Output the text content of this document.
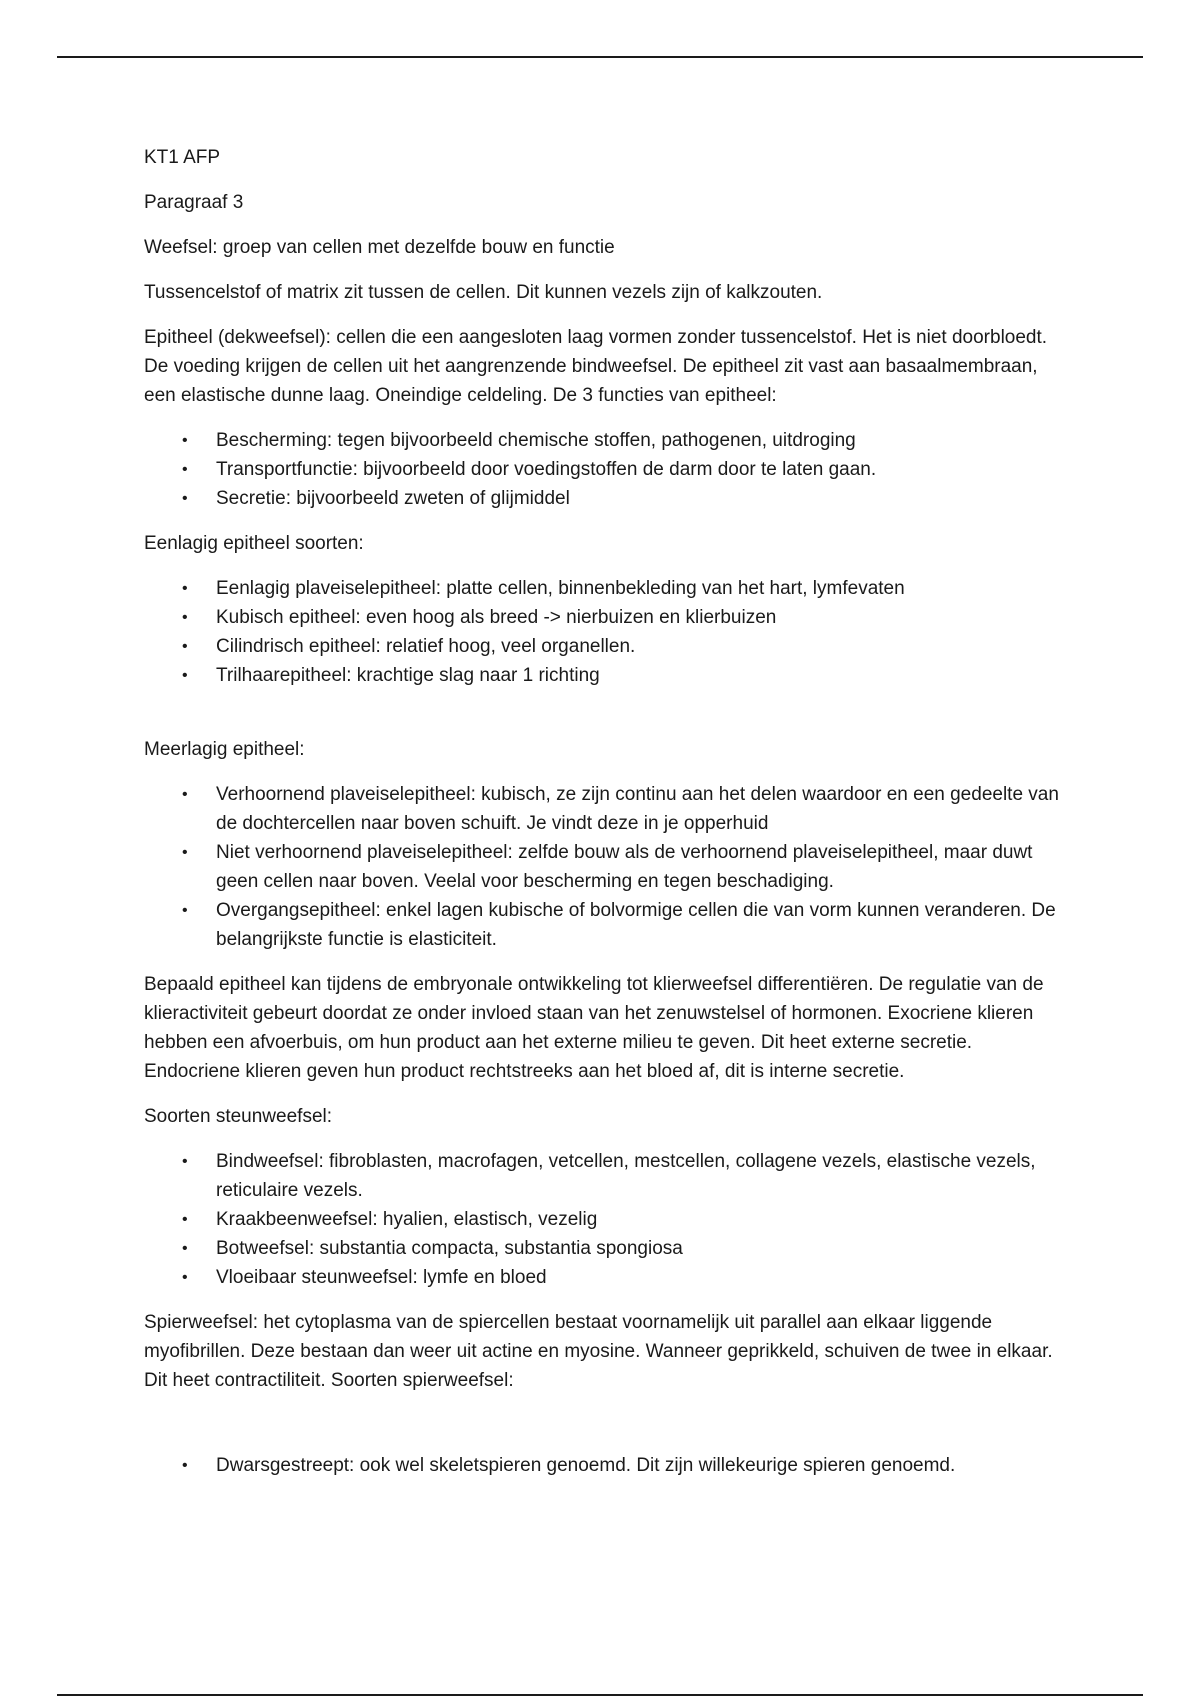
KT1 AFP

Paragraaf 3

Weefsel: groep van cellen met dezelfde bouw en functie

Tussencelstof of matrix zit tussen de cellen. Dit kunnen vezels zijn of kalkzouten.

Epitheel (dekweefsel): cellen die een aangesloten laag vormen zonder tussencelstof. Het is niet doorbloedt. De voeding krijgen de cellen uit het aangrenzende bindweefsel. De epitheel zit vast aan basaalmembraan, een elastische dunne laag. Oneindige celdeling. De 3 functies van epitheel:

• Bescherming: tegen bijvoorbeeld chemische stoffen, pathogenen, uitdroging
• Transportfunctie: bijvoorbeeld door voedingstoffen de darm door te laten gaan.
• Secretie: bijvoorbeeld zweten of glijmiddel

Eenlagig epitheel soorten:

• Eenlagig plaveiselepitheel: platte cellen, binnenbekleding van het hart, lymfevaten
• Kubisch epitheel: even hoog als breed -> nierbuizen en klierbuizen
• Cilindrisch epitheel: relatief hoog, veel organellen.
• Trilhaarepitheel: krachtige slag naar 1 richting

Meerlagig epitheel:

• Verhoornend plaveiselepitheel: kubisch, ze zijn continu aan het delen waardoor en een gedeelte van de dochtercellen naar boven schuift. Je vindt deze in je opperhuid
• Niet verhoornend plaveiselepitheel: zelfde bouw als de verhoornend plaveiselepitheel, maar duwt geen cellen naar boven. Veelal voor bescherming en tegen beschadiging.
• Overgangsepitheel: enkel lagen kubische of bolvormige cellen die van vorm kunnen veranderen. De belangrijkste functie is elasticiteit.

Bepaald epitheel kan tijdens de embryonale ontwikkeling tot klierweefsel differentiëren. De regulatie van de klieractiviteit gebeurt doordat ze onder invloed staan van het zenuwstelsel of hormonen. Exocriene klieren hebben een afvoerbuis, om hun product aan het externe milieu te geven. Dit heet externe secretie. Endocriene klieren geven hun product rechtstreeks aan het bloed af, dit is interne secretie.

Soorten steunweefsel:

• Bindweefsel: fibroblasten, macrofagen, vetcellen, mestcellen, collagene vezels, elastische vezels, reticulaire vezels.
• Kraakbeenweefsel: hyalien, elastisch, vezelig
• Botweefsel: substantia compacta, substantia spongiosa
• Vloeibaar steunweefsel: lymfe en bloed

Spierweefsel: het cytoplasma van de spiercellen bestaat voornamelijk uit parallel aan elkaar liggende myofibrillen. Deze bestaan dan weer uit actine en myosine. Wanneer geprikkeld, schuiven de twee in elkaar. Dit heet contractiliteit. Soorten spierweefsel:

• Dwarsgestreept: ook wel skeletspieren genoemd. Dit zijn willekeurige spieren genoemd.
